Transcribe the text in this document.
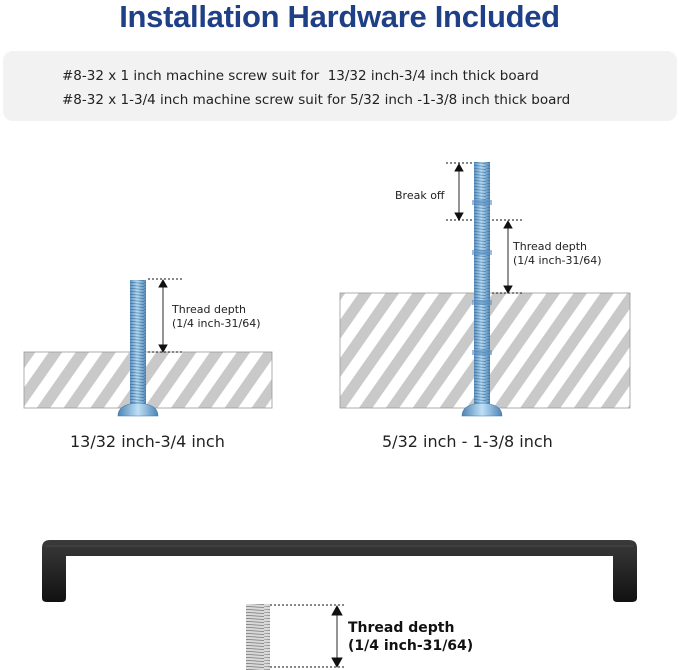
Installation Hardware Included
#8-32 x 1 inch machine screw suit for  13/32 inch-3/4 inch thick board
#8-32 x 1-3/4 inch machine screw suit for 5/32 inch -1-3/8 inch thick board
Thread depth
(1/4 inch-31/64)
13/32 inch-3/4 inch
Break off
Thread depth
(1/4 inch-31/64)
5/32 inch - 1-3/8 inch
Thread depth
(1/4 inch-31/64)
